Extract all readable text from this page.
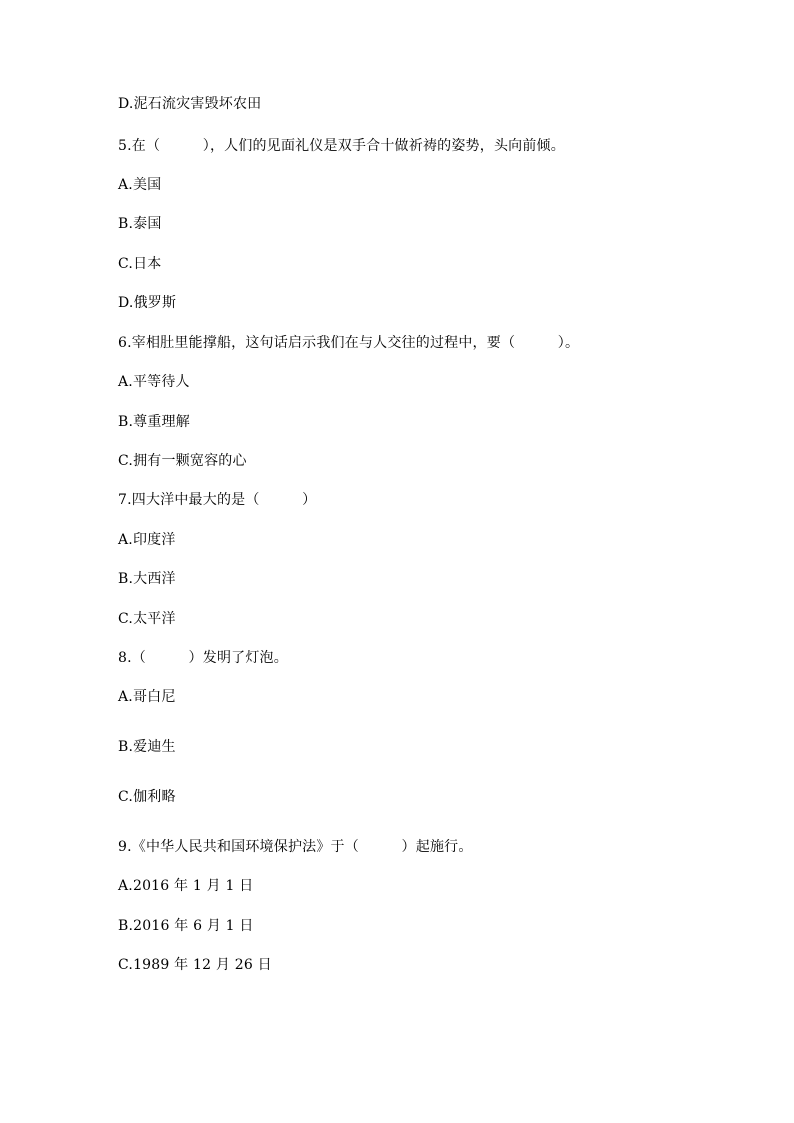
D.泥石流灾害毁坏农田
5.在（　　　），人们的见面礼仪是双手合十做祈祷的姿势，头向前倾。
A.美国
B.泰国
C.日本
D.俄罗斯
6.宰相肚里能撑船，这句话启示我们在与人交往的过程中，要（　　　）。
A.平等待人
B.尊重理解
C.拥有一颗宽容的心
7.四大洋中最大的是（　　　）
A.印度洋
B.大西洋
C.太平洋
8.（　　　）发明了灯泡。
A.哥白尼
B.爱迪生
C.伽利略
9.《中华人民共和国环境保护法》于（　　　）起施行。
A.2016 年 1 月 1 日
B.2016 年 6 月 1 日
C.1989 年 12 月 26 日
